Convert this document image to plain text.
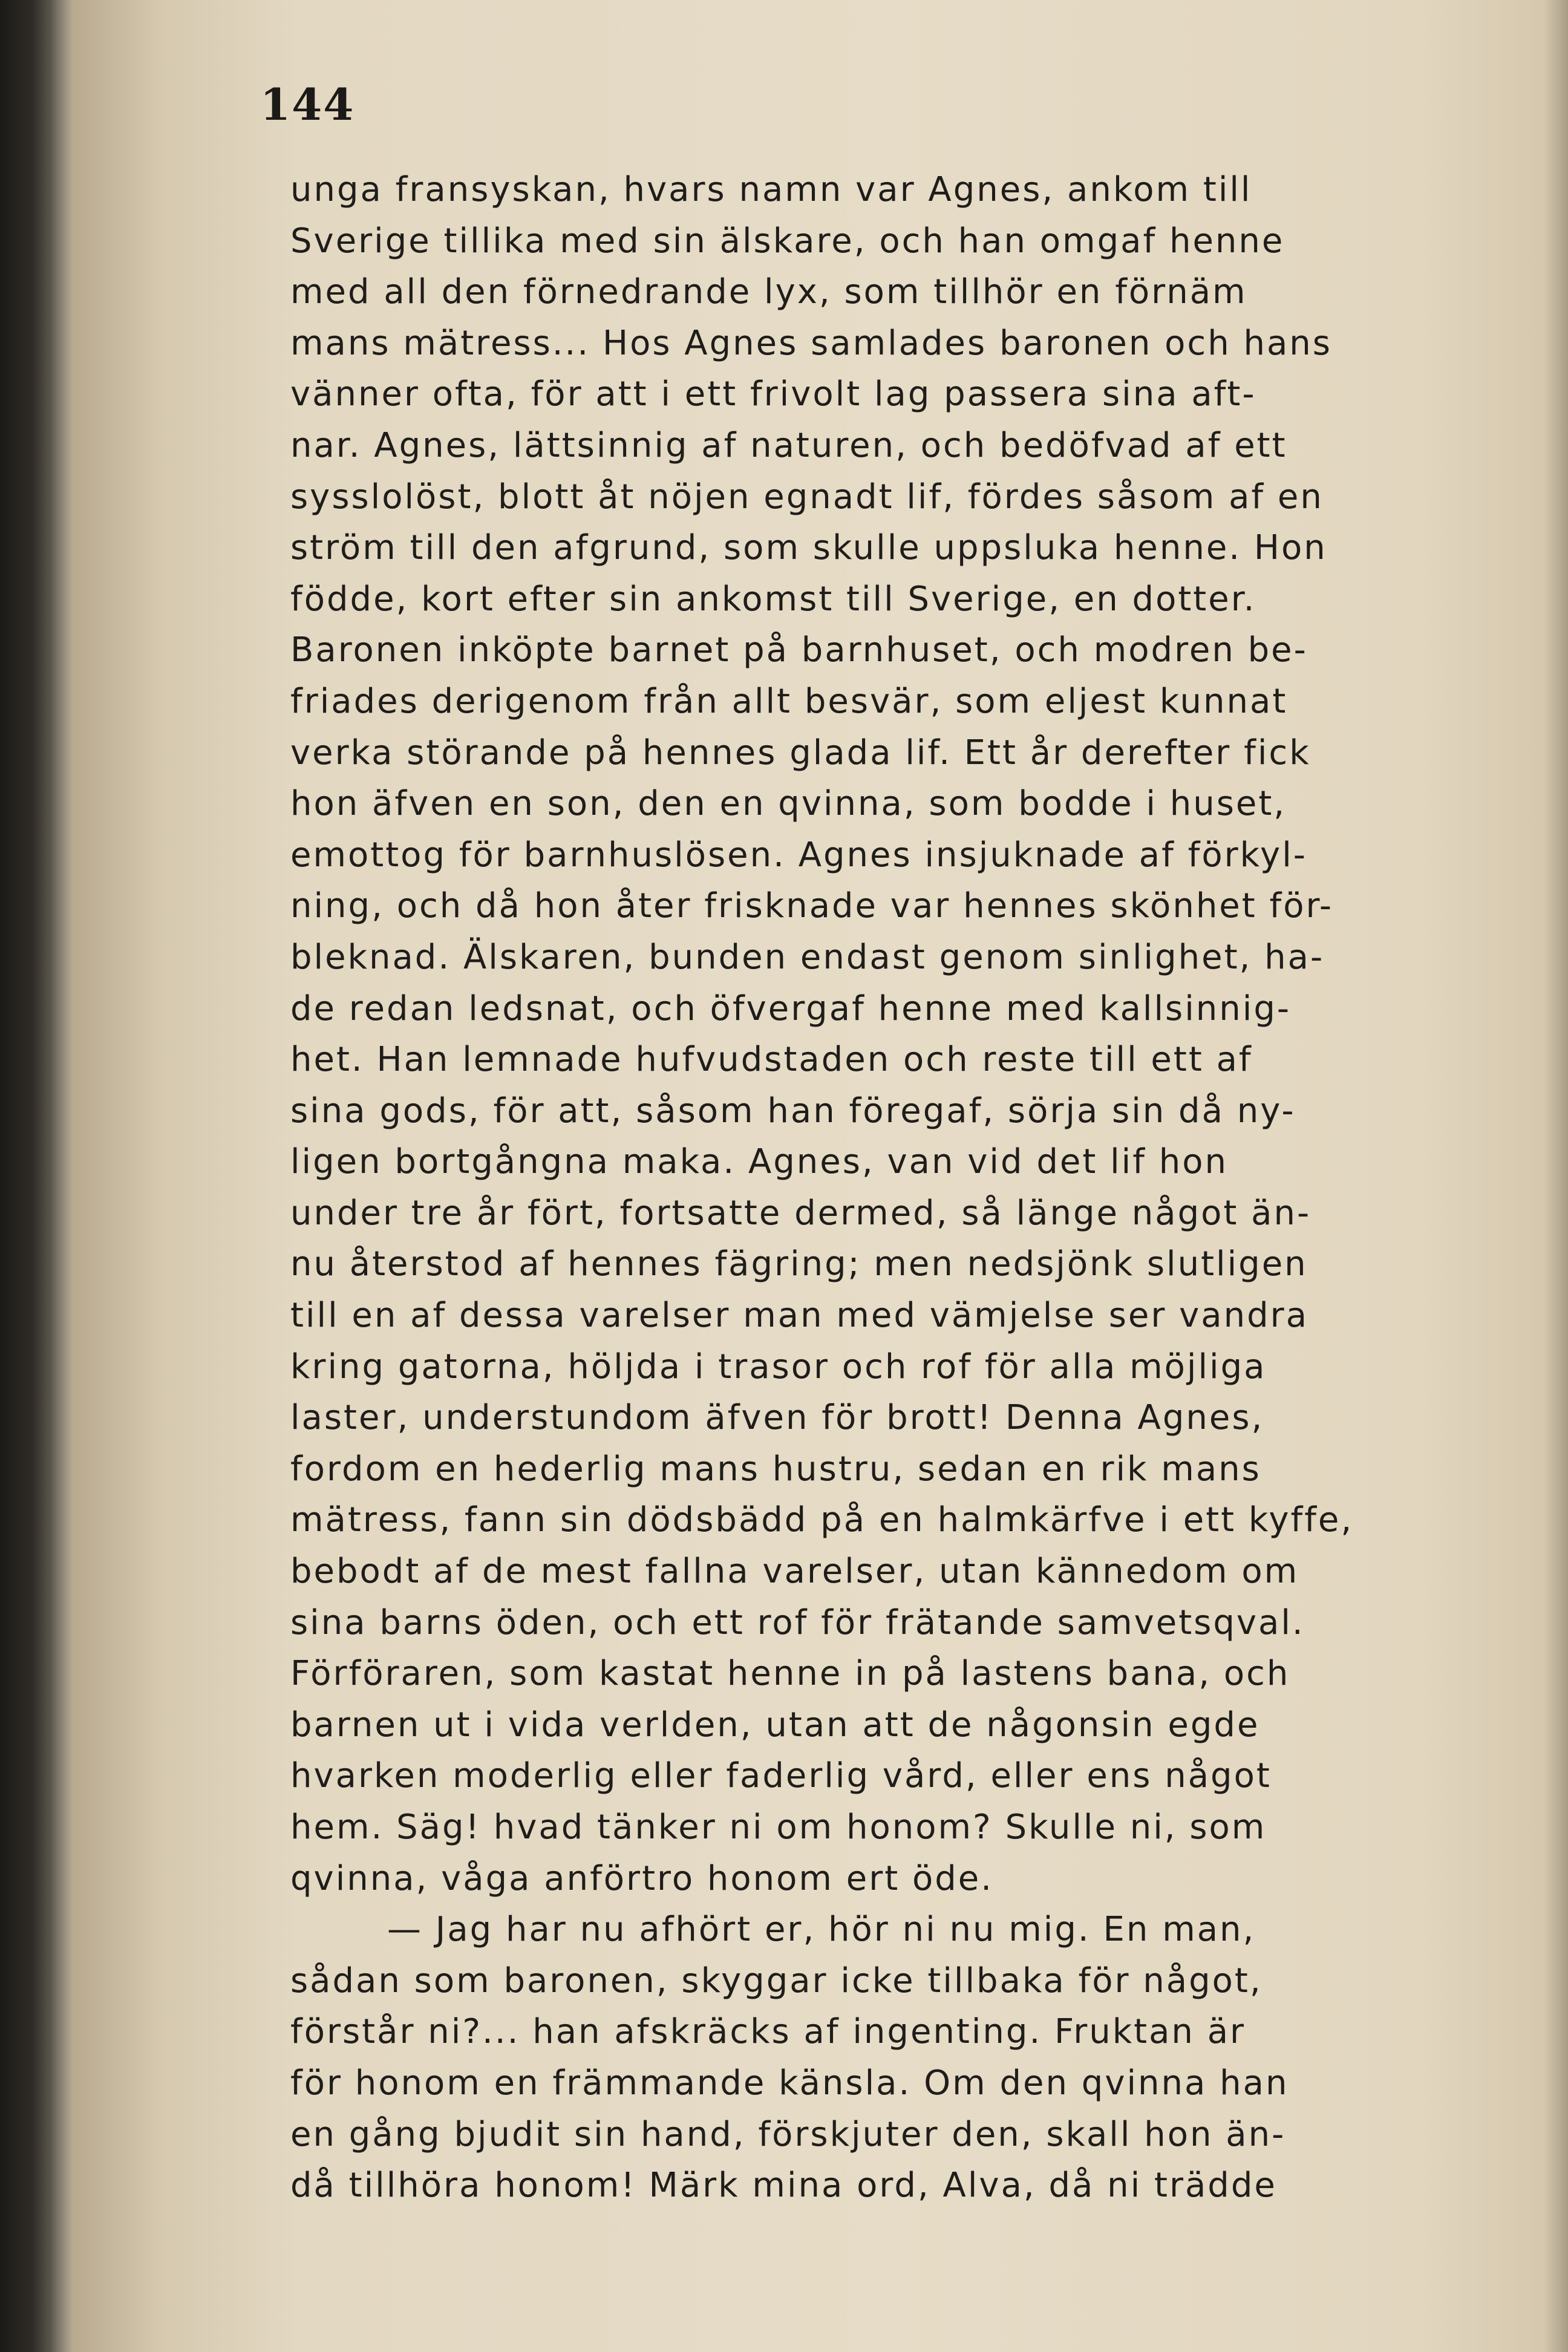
144
unga fransyskan, hvars namn var Agnes, ankom till
Sverige tillika med sin älskare, och han omgaf henne
med all den förnedrande lyx, som tillhör en förnäm
mans mätress... Hos Agnes samlades baronen och hans
vänner ofta, för att i ett frivolt lag passera sina aft-
nar. Agnes, lättsinnig af naturen, och bedöfvad af ett
sysslolöst, blott åt nöjen egnadt lif, fördes såsom af en
ström till den afgrund, som skulle uppsluka henne. Hon
födde, kort efter sin ankomst till Sverige, en dotter.
Baronen inköpte barnet på barnhuset, och modren be-
friades derigenom från allt besvär, som eljest kunnat
verka störande på hennes glada lif. Ett år derefter fick
hon äfven en son, den en qvinna, som bodde i huset,
emottog för barnhuslösen. Agnes insjuknade af förkyl-
ning, och då hon åter frisknade var hennes skönhet för-
bleknad. Älskaren, bunden endast genom sinlighet, ha-
de redan ledsnat, och öfvergaf henne med kallsinnig-
het. Han lemnade hufvudstaden och reste till ett af
sina gods, för att, såsom han föregaf, sörja sin då ny-
ligen bortgångna maka. Agnes, van vid det lif hon
under tre år fört, fortsatte dermed, så länge något än-
nu återstod af hennes fägring; men nedsjönk slutligen
till en af dessa varelser man med vämjelse ser vandra
kring gatorna, höljda i trasor och rof för alla möjliga
laster, understundom äfven för brott! Denna Agnes,
fordom en hederlig mans hustru, sedan en rik mans
mätress, fann sin dödsbädd på en halmkärfve i ett kyffe,
bebodt af de mest fallna varelser, utan kännedom om
sina barns öden, och ett rof för frätande samvetsqval.
Förföraren, som kastat henne in på lastens bana, och
barnen ut i vida verlden, utan att de någonsin egde
hvarken moderlig eller faderlig vård, eller ens något
hem. Säg! hvad tänker ni om honom? Skulle ni, som
qvinna, våga anförtro honom ert öde.
— Jag har nu afhört er, hör ni nu mig. En man,
sådan som baronen, skyggar icke tillbaka för något,
förstår ni?... han afskräcks af ingenting. Fruktan är
för honom en främmande känsla. Om den qvinna han
en gång bjudit sin hand, förskjuter den, skall hon än-
då tillhöra honom! Märk mina ord, Alva, då ni trädde
